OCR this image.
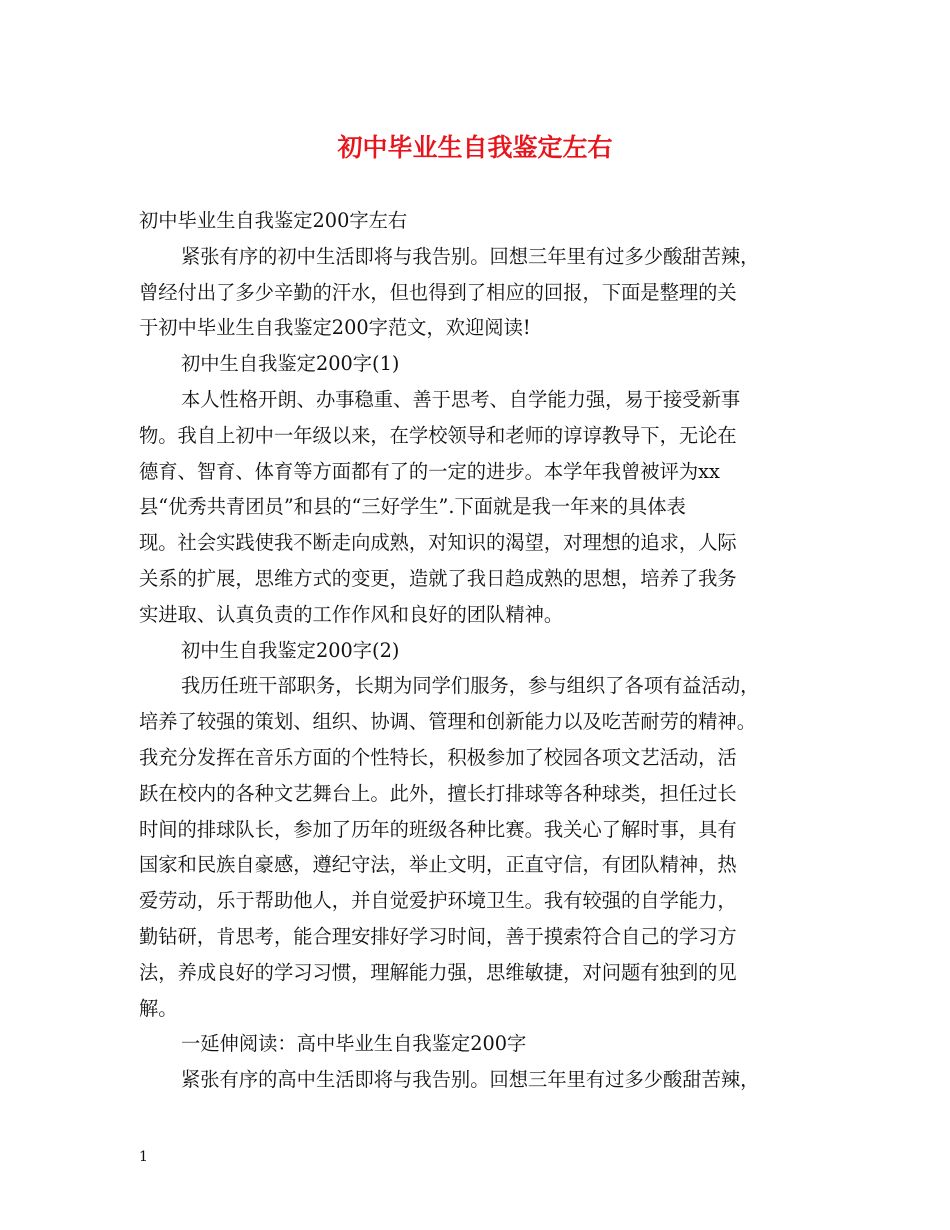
初中毕业生自我鉴定左右
初中毕业生自我鉴定200字左右
紧张有序的初中生活即将与我告别。回想三年里有过多少酸甜苦辣，
曾经付出了多少辛勤的汗水，但也得到了相应的回报，下面是整理的关
于初中毕业生自我鉴定200字范文，欢迎阅读!
初中生自我鉴定200字(1)
本人性格开朗、办事稳重、善于思考、自学能力强，易于接受新事
物。我自上初中一年级以来，在学校领导和老师的谆谆教导下，无论在
德育、智育、体育等方面都有了的一定的进步。本学年我曾被评为xx
县“优秀共青团员”和县的“三好学生”.下面就是我一年来的具体表
现。社会实践使我不断走向成熟，对知识的渴望，对理想的追求，人际
关系的扩展，思维方式的变更，造就了我日趋成熟的思想，培养了我务
实进取、认真负责的工作作风和良好的团队精神。
初中生自我鉴定200字(2)
我历任班干部职务，长期为同学们服务，参与组织了各项有益活动，
培养了较强的策划、组织、协调、管理和创新能力以及吃苦耐劳的精神。
我充分发挥在音乐方面的个性特长，积极参加了校园各项文艺活动，活
跃在校内的各种文艺舞台上。此外，擅长打排球等各种球类，担任过长
时间的排球队长，参加了历年的班级各种比赛。我关心了解时事，具有
国家和民族自豪感，遵纪守法，举止文明，正直守信，有团队精神，热
爱劳动，乐于帮助他人，并自觉爱护环境卫生。我有较强的自学能力，
勤钻研，肯思考，能合理安排好学习时间，善于摸索符合自己的学习方
法，养成良好的学习习惯，理解能力强，思维敏捷，对问题有独到的见
解。
一延伸阅读：高中毕业生自我鉴定200字
紧张有序的高中生活即将与我告别。回想三年里有过多少酸甜苦辣，
1
